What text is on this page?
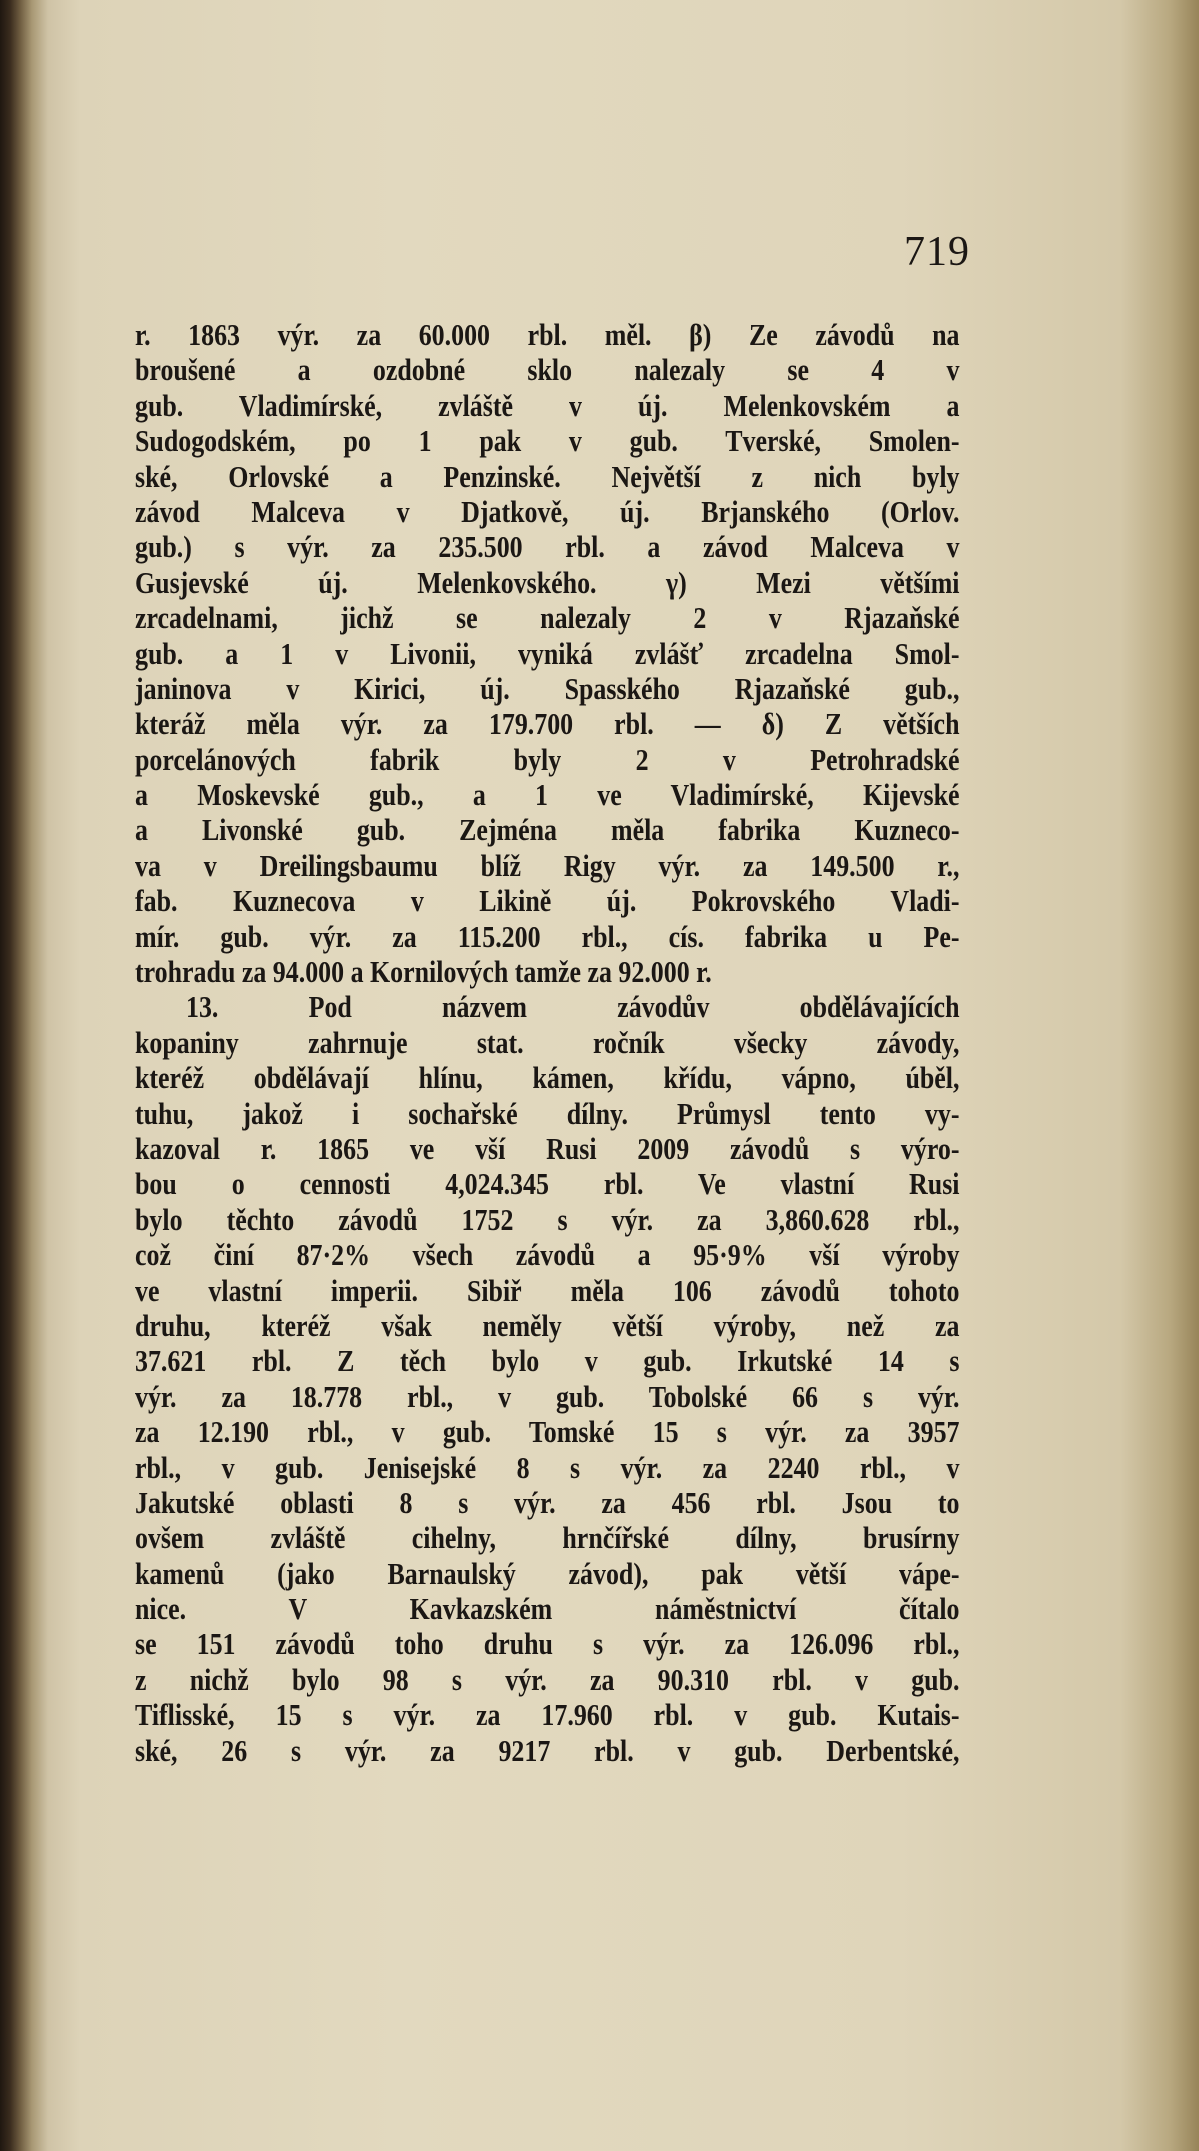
719
r. 1863 výr. za 60.000 rbl. měl. β) Ze závodů na
broušené a ozdobné sklo nalezaly se 4 v
gub. Vladimírské, zvláště v új. Melenkovském a
Sudogodském, po 1 pak v gub. Tverské, Smolen-
ské, Orlovské a Penzinské. Největší z nich byly
závod Malceva v Djatkově, új. Brjanského (Orlov.
gub.) s výr. za 235.500 rbl. a závod Malceva v
Gusjevské új. Melenkovského. γ) Mezi většími
zrcadelnami, jichž se nalezaly 2 v Rjazaňské
gub. a 1 v Livonii, vyniká zvlášť zrcadelna Smol-
janinova v Kirici, új. Spasského Rjazaňské gub.,
kteráž měla výr. za 179.700 rbl. — δ) Z větších
porcelánových fabrik byly 2 v Petrohradské
a Moskevské gub., a 1 ve Vladimírské, Kijevské
a Livonské gub. Zejména měla fabrika Kuzneco-
va v Dreilingsbaumu blíž Rigy výr. za 149.500 r.,
fab. Kuznecova v Likině új. Pokrovského Vladi-
mír. gub. výr. za 115.200 rbl., cís. fabrika u Pe-
trohradu za 94.000 a Kornilových tamže za 92.000 r.
13. Pod názvem závodův obdělávajících
kopaniny zahrnuje stat. ročník všecky závody,
kteréž obdělávají hlínu, kámen, křídu, vápno, úběl,
tuhu, jakož i sochařské dílny. Průmysl tento vy-
kazoval r. 1865 ve vší Rusi 2009 závodů s výro-
bou o cennosti 4,024.345 rbl. Ve vlastní Rusi
bylo těchto závodů 1752 s výr. za 3,860.628 rbl.,
což činí 87·2% všech závodů a 95·9% vší výroby
ve vlastní imperii. Sibiř měla 106 závodů tohoto
druhu, kteréž však neměly větší výroby, než za
37.621 rbl. Z těch bylo v gub. Irkutské 14 s
výr. za 18.778 rbl., v gub. Tobolské 66 s výr.
za 12.190 rbl., v gub. Tomské 15 s výr. za 3957
rbl., v gub. Jenisejské 8 s výr. za 2240 rbl., v
Jakutské oblasti 8 s výr. za 456 rbl. Jsou to
ovšem zvláště cihelny, hrnčířské dílny, brusírny
kamenů (jako Barnaulský závod), pak větší vápe-
nice. V Kavkazském náměstnictví čítalo
se 151 závodů toho druhu s výr. za 126.096 rbl.,
z nichž bylo 98 s výr. za 90.310 rbl. v gub.
Tiflisské, 15 s výr. za 17.960 rbl. v gub. Kutais-
ské, 26 s výr. za 9217 rbl. v gub. Derbentské,
